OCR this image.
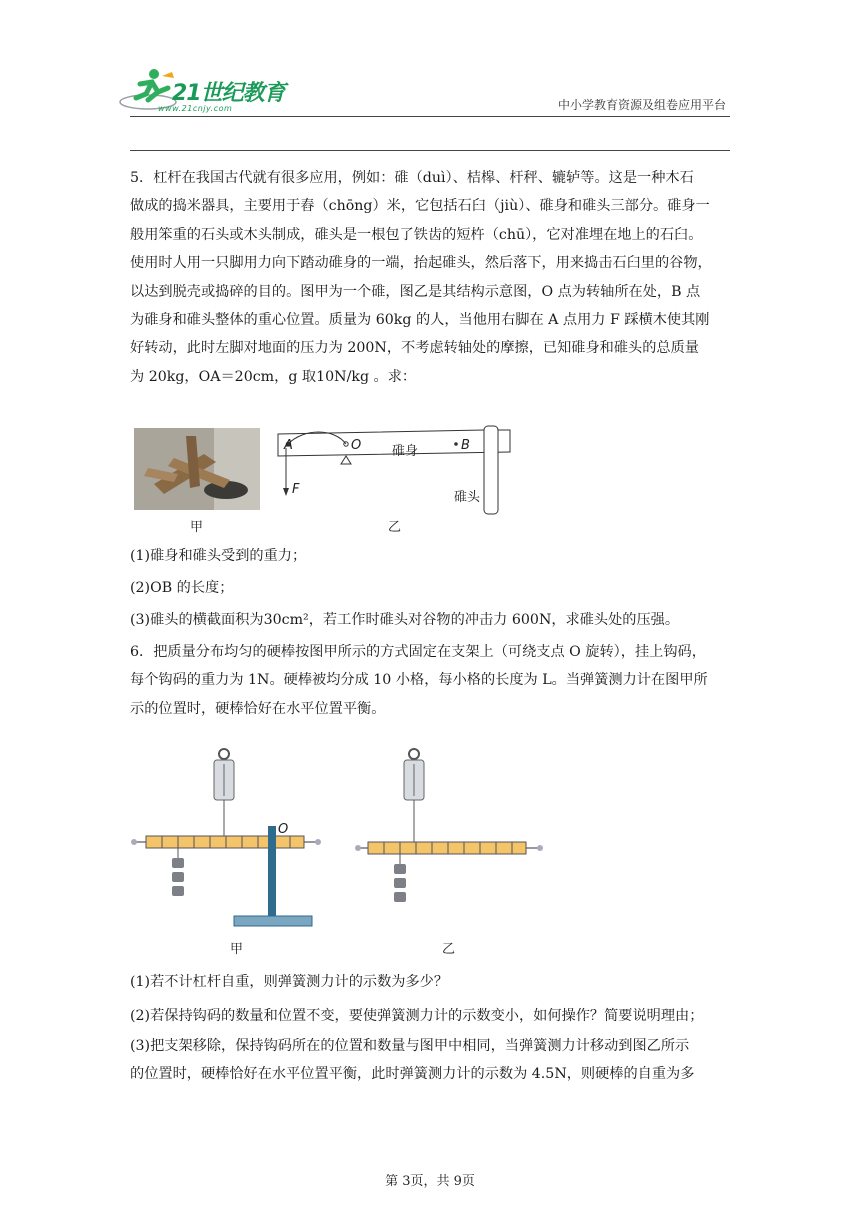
21世纪教育
www.21cnjy.com	中小学教育资源及组卷应用平台
5．杠杆在我国古代就有很多应用，例如：碓（duì）、桔槔、杆秤、辘轳等。这是一种木石
做成的捣米器具，主要用于舂（chōng）米，它包括石臼（jiù）、碓身和碓头三部分。碓身一
般用笨重的石头或木头制成，碓头是一根包了铁齿的短杵（chū），它对准埋在地上的石臼。
使用时人用一只脚用力向下踏动碓身的一端，抬起碓头，然后落下，用来捣击石臼里的谷物，
以达到脱壳或捣碎的目的。图甲为一个碓，图乙是其结构示意图，O 点为转轴所在处，B 点
为碓身和碓头整体的重心位置。质量为 60kg 的人，当他用右脚在 A 点用力 F 踩横木使其刚
好转动，此时左脚对地面的压力为 200N，不考虑转轴处的摩擦，已知碓身和碓头的总质量
为 20kg，OA＝20cm，g 取10N/kg 。求：
甲
A	O	B
F
碓身
碓头
乙
(1)碓身和碓头受到的重力；
(2)OB 的长度；
(3)碓头的横截面积为30cm²，若工作时碓头对谷物的冲击力 600N，求碓头处的压强。
6．把质量分布均匀的硬棒按图甲所示的方式固定在支架上（可绕支点 O 旋转），挂上钩码，
每个钩码的重力为 1N。硬棒被均分成 10 小格，每小格的长度为 L。当弹簧测力计在图甲所
示的位置时，硬棒恰好在水平位置平衡。
O
甲	乙
(1)若不计杠杆自重，则弹簧测力计的示数为多少？
(2)若保持钩码的数量和位置不变，要使弹簧测力计的示数变小，如何操作？简要说明理由；
(3)把支架移除，保持钩码所在的位置和数量与图甲中相同，当弹簧测力计移动到图乙所示
的位置时，硬棒恰好在水平位置平衡，此时弹簧测力计的示数为 4.5N，则硬棒的自重为多
第 3页，共 9页
